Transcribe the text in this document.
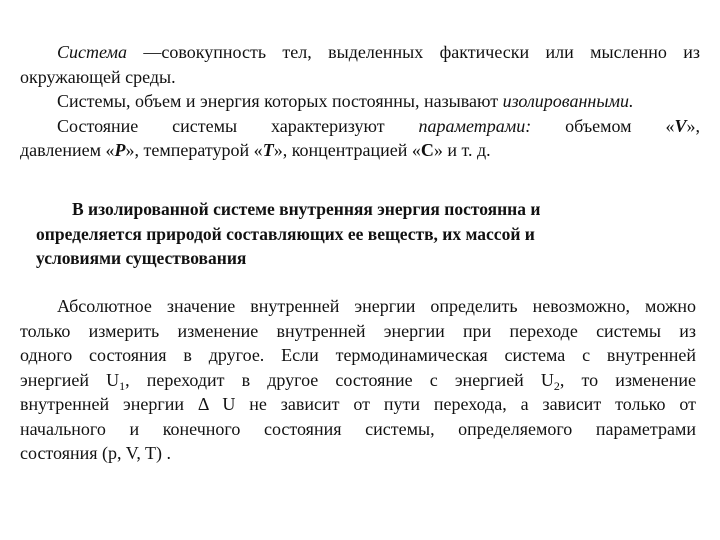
Система —совокупность тел, выделенных фактически или мысленно из
окружающей среды.
Системы, объем и энергия которых постоянны, называют изолированными.
Состояние системы характеризуют параметрами: объемом «V»,
давлением «P», температурой «T», концентрацией «C» и т. д.
В изолированной системе внутренняя энергия постоянна и
определяется природой составляющих ее веществ, их массой и
условиями существования
Абсолютное значение внутренней энергии определить невозможно, можно
только измерить изменение внутренней энергии при переходе системы из
одного состояния в другое. Если термодинамическая система с внутренней
энергией $U_1$, переходит в другое состояние с энергией $U_2$, то изменение
внутренней энергии Δ U не зависит от пути перехода, а зависит только от
начального и конечного состояния системы, определяемого параметрами
состояния (p, V, T) .
